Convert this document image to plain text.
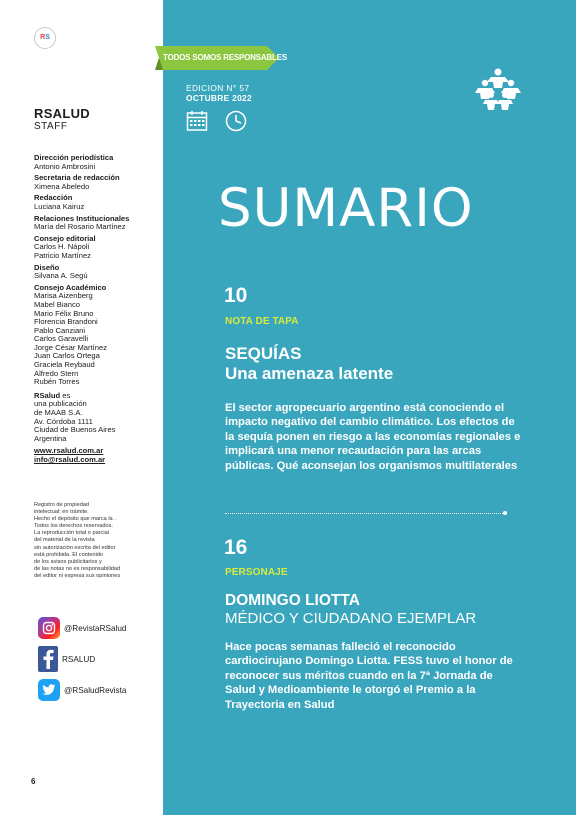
RS
RSALUD
STAFF
Dirección periodística
Antonio Ambrosini
Secretaria de redacción
Ximena Abeledo
Redacción
Luciana Kairuz
Relaciones Institucionales
María del Rosario Martínez
Consejo editorial
Carlos H. Nápoli
Patricio Martínez
Diseño
Silvana A. Segú
Consejo Académico
Marisa Aizenberg
Mabel Bianco
Mario Félix Bruno
Florencia Brandoni
Pablo Canziani
Carlos Garavelli
Jorge César Martínez
Juan Carlos Ortega
Graciela Reybaud
Alfredo Stern
Rubén Torres
RSalud es
una publicación
de MAAB S.A.
Av. Córdoba 1111
Ciudad de Buenos Aires
Argentina
www.rsalud.com.ar
info@rsalud.com.ar
Registro de propiedad
intelectual: en trámite.
Hecho el depósito que marca la .
Todos los derechos reservados.
La reproducción total o parcial
del material de la revista
sin autorización escrita del editor
está prohibida. El contenido
de los avisos publicitarios y
de las notas no es responsabilidad
del editor ni expresa sus opiniones
@RevistaRSalud
RSALUD
@RSaludRevista
6
TODOS SOMOS RESPONSABLES
EDICION N° 57
OCTUBRE 2022
SUMARIO
10
NOTA DE TAPA
SEQUÍAS
Una amenaza latente
El sector agropecuario argentino está conociendo el impacto negativo del cambio climático. Los efectos de la sequía ponen en riesgo a las economías regionales e implicará una menor recaudación para las arcas públicas. Qué aconsejan los organismos multilaterales
16
PERSONAJE
DOMINGO LIOTTA
MÉDICO Y CIUDADANO EJEMPLAR
Hace pocas semanas falleció el reconocido cardiocirujano Domingo Liotta. FESS tuvo el honor de reconocer sus méritos cuando en la 7ª Jornada de Salud y Medioambiente le otorgó el Premio a la Trayectoria en Salud
